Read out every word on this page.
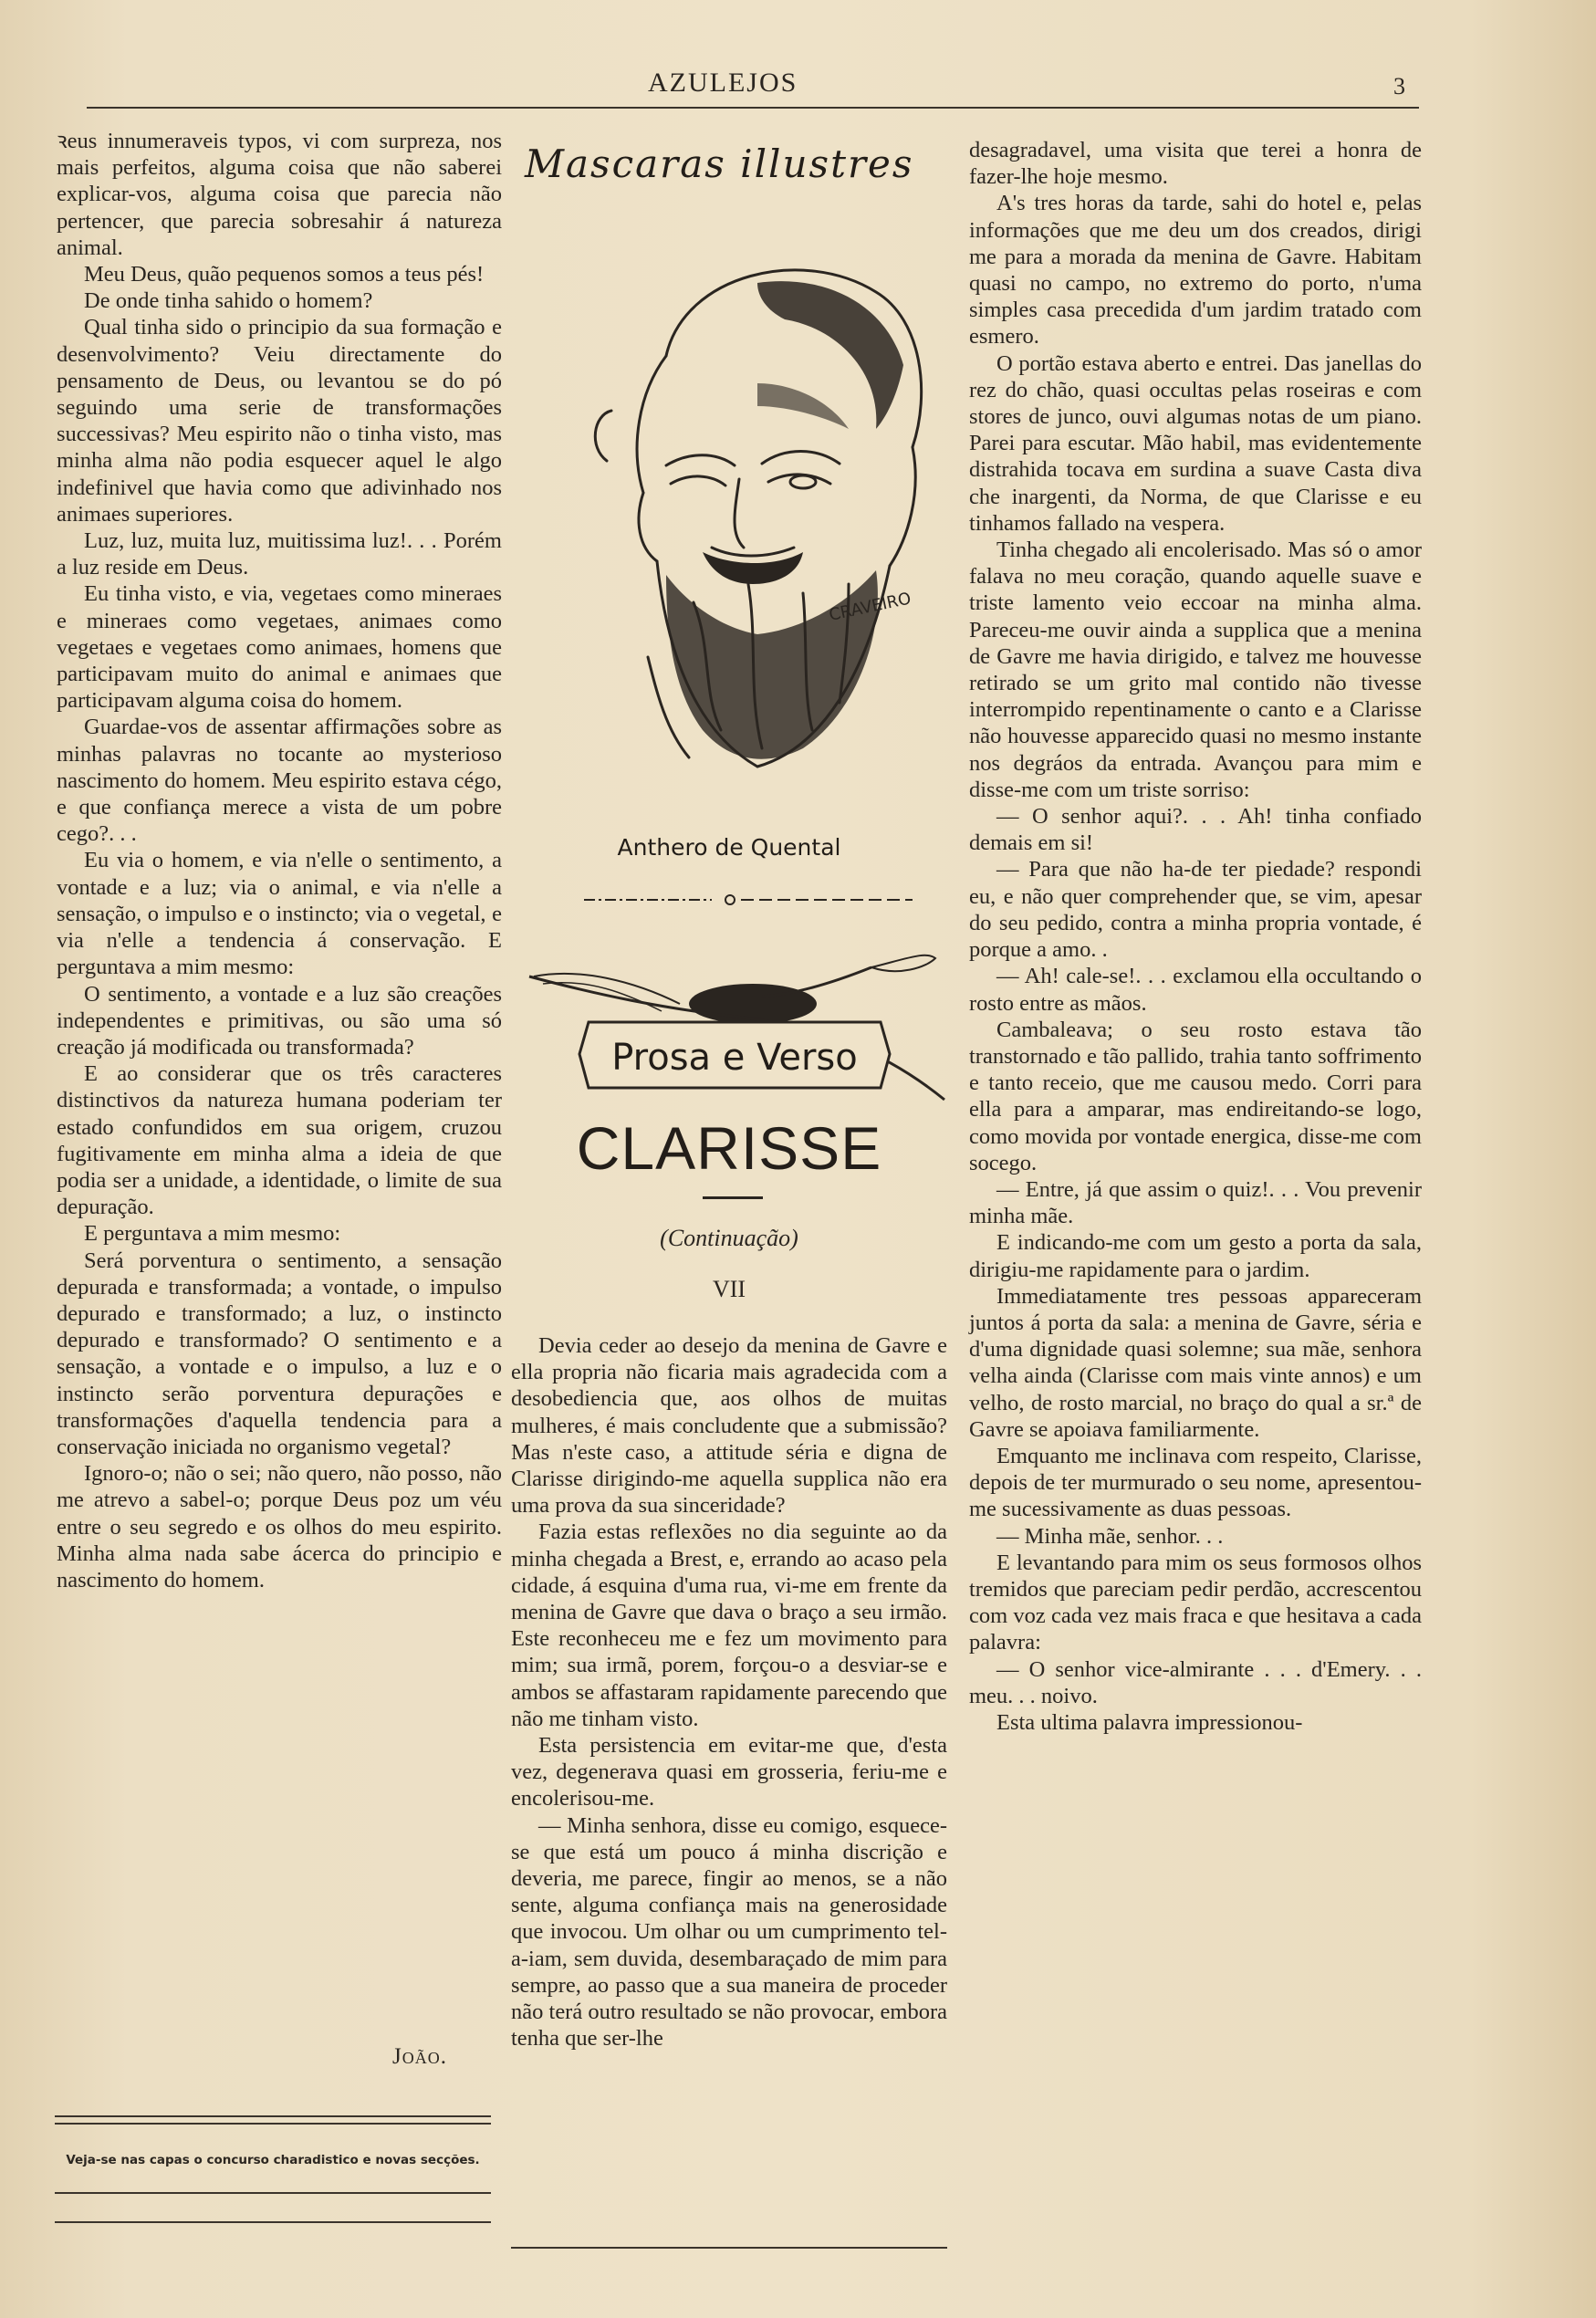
AZULEJOS	3

ꝛeus innumeraveis typos, vi com surpreza, nos mais perfeitos, alguma coisa que não saberei explicar-vos, alguma coisa que parecia não pertencer, que parecia sobresahir á natureza animal.

Meu Deus, quão pequenos somos a teus pés!

De onde tinha sahido o homem?

Qual tinha sido o principio da sua formação e desenvolvimento? Veiu directamente do pensamento de Deus, ou levantou se do pó seguindo uma serie de transformações successivas? Meu espirito não o tinha visto, mas minha alma não podia esquecer aquel le algo indefinivel que havia como que adivinhado nos animaes superiores.

Luz, luz, muita luz, muitissima luz!. . . Porém a luz reside em Deus.

Eu tinha visto, e via, vegetaes como mineraes e mineraes como vegetaes, animaes como vegetaes e vegetaes como animaes, homens que participavam muito do animal e animaes que participavam alguma coisa do homem.

Guardae-vos de assentar affirmações sobre as minhas palavras no tocante ao mysterioso nascimento do homem. Meu espirito estava cégo, e que confiança merece a vista de um pobre cego?. . .

Eu via o homem, e via n'elle o sentimento, a vontade e a luz; via o animal, e via n'elle a sensação, o impulso e o instincto; via o vegetal, e via n'elle a tendencia á conservação. E perguntava a mim mesmo:

O sentimento, a vontade e a luz são creações independentes e primitivas, ou são uma só creação já modificada ou transformada?

E ao considerar que os três caracteres distinctivos da natureza humana poderiam ter estado confundidos em sua origem, cruzou fugitivamente em minha alma a ideia de que podia ser a unidade, a identidade, o limite de sua depuração.

E perguntava a mim mesmo:

Será porventura o sentimento, a sensação depurada e transformada; a vontade, o impulso depurado e transformado; a luz, o instincto depurado e transformado? O sentimento e a sensação, a vontade e o impulso, a luz e o instincto serão porventura depurações e transformações d'aquella tendencia para a conservação iniciada no organismo vegetal?

Ignoro-o; não o sei; não quero, não posso, não me atrevo a sabel-o; porque Deus poz um véu entre o seu segredo e os olhos do meu espirito. Minha alma nada sabe ácerca do principio e nascimento do homem.

João.
Veja-se nas capas o concurso charadistico e novas secções.
Mascaras illustres
CRAVEIRO
Anthero de Quental
Prosa e Verso
CLARISSE
(Continuação)
VII

Devia ceder ao desejo da menina de Gavre e ella propria não ficaria mais agradecida com a desobediencia que, aos olhos de muitas mulheres, é mais concludente que a submissão? Mas n'este caso, a attitude séria e digna de Clarisse dirigindo-me aquella supplica não era uma prova da sua sinceridade?

Fazia estas reflexões no dia seguinte ao da minha chegada a Brest, e, errando ao acaso pela cidade, á esquina d'uma rua, vi-me em frente da menina de Gavre que dava o braço a seu irmão. Este reconheceu me e fez um movimento para mim; sua irmã, porem, forçou-o a desviar-se e ambos se affastaram rapidamente parecendo que não me tinham visto.

Esta persistencia em evitar-me que, d'esta vez, degenerava quasi em grosseria, feriu-me e encolerisou-me.

— Minha senhora, disse eu comigo, esquece-se que está um pouco á minha discrição e deveria, me parece, fingir ao menos, se a não sente, alguma confiança mais na generosidade que invocou. Um olhar ou um cumprimento tel-a-iam, sem duvida, desembaraçado de mim para sempre, ao passo que a sua maneira de proceder não terá outro resultado se não provocar, embora tenha que ser-lhe

desagradavel, uma visita que terei a honra de fazer-lhe hoje mesmo.

A's tres horas da tarde, sahi do hotel e, pelas informações que me deu um dos creados, dirigi me para a morada da menina de Gavre. Habitam quasi no campo, no extremo do porto, n'uma simples casa precedida d'um jardim tratado com esmero.

O portão estava aberto e entrei. Das janellas do rez do chão, quasi occultas pelas roseiras e com stores de junco, ouvi algumas notas de um piano. Parei para escutar. Mão habil, mas evidentemente distrahida tocava em surdina a suave Casta diva che inargenti, da Norma, de que Clarisse e eu tinhamos fallado na vespera.

Tinha chegado ali encolerisado. Mas só o amor falava no meu coração, quando aquelle suave e triste lamento veio eccoar na minha alma. Pareceu-me ouvir ainda a supplica que a menina de Gavre me havia dirigido, e talvez me houvesse retirado se um grito mal contido não tivesse interrompido repentinamente o canto e a Clarisse não houvesse apparecido quasi no mesmo instante nos degráos da entrada. Avançou para mim e disse-me com um triste sorriso:

— O senhor aqui?. . . Ah! tinha confiado demais em si!

— Para que não ha-de ter piedade? respondi eu, e não quer comprehender que, se vim, apesar do seu pedido, contra a minha propria vontade, é porque a amo. .

— Ah! cale-se!. . . exclamou ella occultando o rosto entre as mãos.

Cambaleava; o seu rosto estava tão transtornado e tão pallido, trahia tanto soffrimento e tanto receio, que me causou medo. Corri para ella para a amparar, mas endireitando-se logo, como movida por vontade energica, disse-me com socego.

— Entre, já que assim o quiz!. . . Vou prevenir minha mãe.

E indicando-me com um gesto a porta da sala, dirigiu-me rapidamente para o jardim.

Immediatamente tres pessoas appareceram juntos á porta da sala: a menina de Gavre, séria e d'uma dignidade quasi solemne; sua mãe, senhora velha ainda (Clarisse com mais vinte annos) e um velho, de rosto marcial, no braço do qual a sr.ª de Gavre se apoiava familiarmente.

Emquanto me inclinava com respeito, Clarisse, depois de ter murmurado o seu nome, apresentou-me sucessivamente as duas pessoas.

— Minha mãe, senhor. . .

E levantando para mim os seus formosos olhos tremidos que pareciam pedir perdão, accrescentou com voz cada vez mais fraca e que hesitava a cada palavra:

— O senhor vice-almirante . . . d'Emery. . . meu. . . noivo.

Esta ultima palavra impressionou-
